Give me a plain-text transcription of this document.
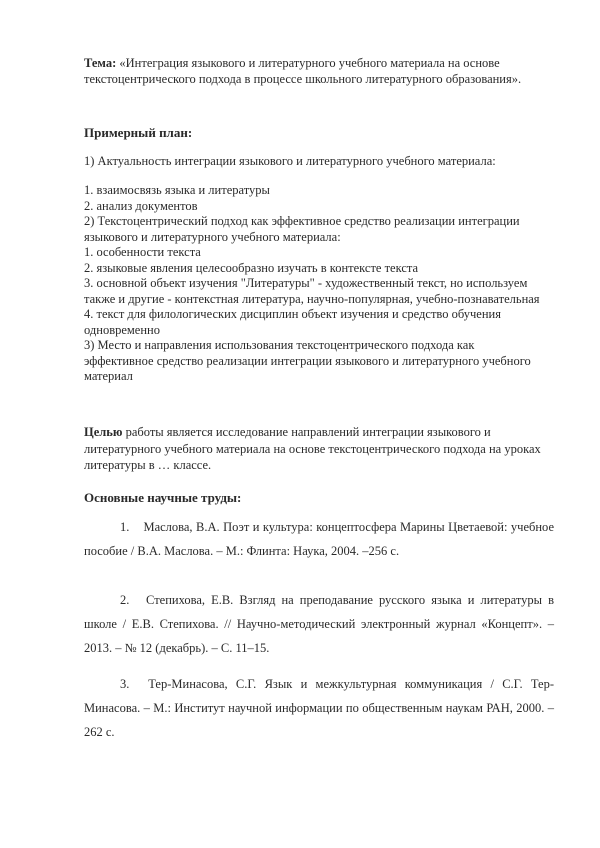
Тема: «Интеграция языкового и литературного учебного материала на основе текстоцентрического подхода в процессе школьного литературного образования».
Примерный план:
1) Актуальность интеграции языкового и литературного учебного материала:
1. взаимосвязь языка и литературы
2. анализ документов
2) Текстоцентрический подход как эффективное средство реализации интеграции языкового и литературного учебного материала:
1. особенности текста
2. языковые явления целесообразно изучать в контексте текста
3. основной объект изучения "Литературы" - художественный текст, но используем также и другие - контекстная литература, научно-популярная, учебно-познавательная
4. текст для филологических дисциплин объект изучения и средство обучения одновременно
3) Место и направления использования текстоцентрического подхода как эффективное средство реализации интеграции языкового и литературного учебного материал
Целью работы является исследование направлений интеграции языкового и литературного учебного материала на основе текстоцентрического подхода на уроках литературы в … классе.
Основные научные труды:
1. Маслова, В.А. Поэт и культура: концептосфера Марины Цветаевой: учебное пособие / В.А. Маслова. – М.: Флинта: Наука, 2004. –256 с.
2. Степихова, Е.В. Взгляд на преподавание русского языка и литературы в школе / Е.В. Степихова. // Научно-методический электронный журнал «Концепт». – 2013. – № 12 (декабрь). – С. 11–15.
3. Тер-Минасова, С.Г. Язык и межкультурная коммуникация / С.Г. Тер-Минасова. – М.: Институт научной информации по общественным наукам РАН, 2000. – 262 с.
